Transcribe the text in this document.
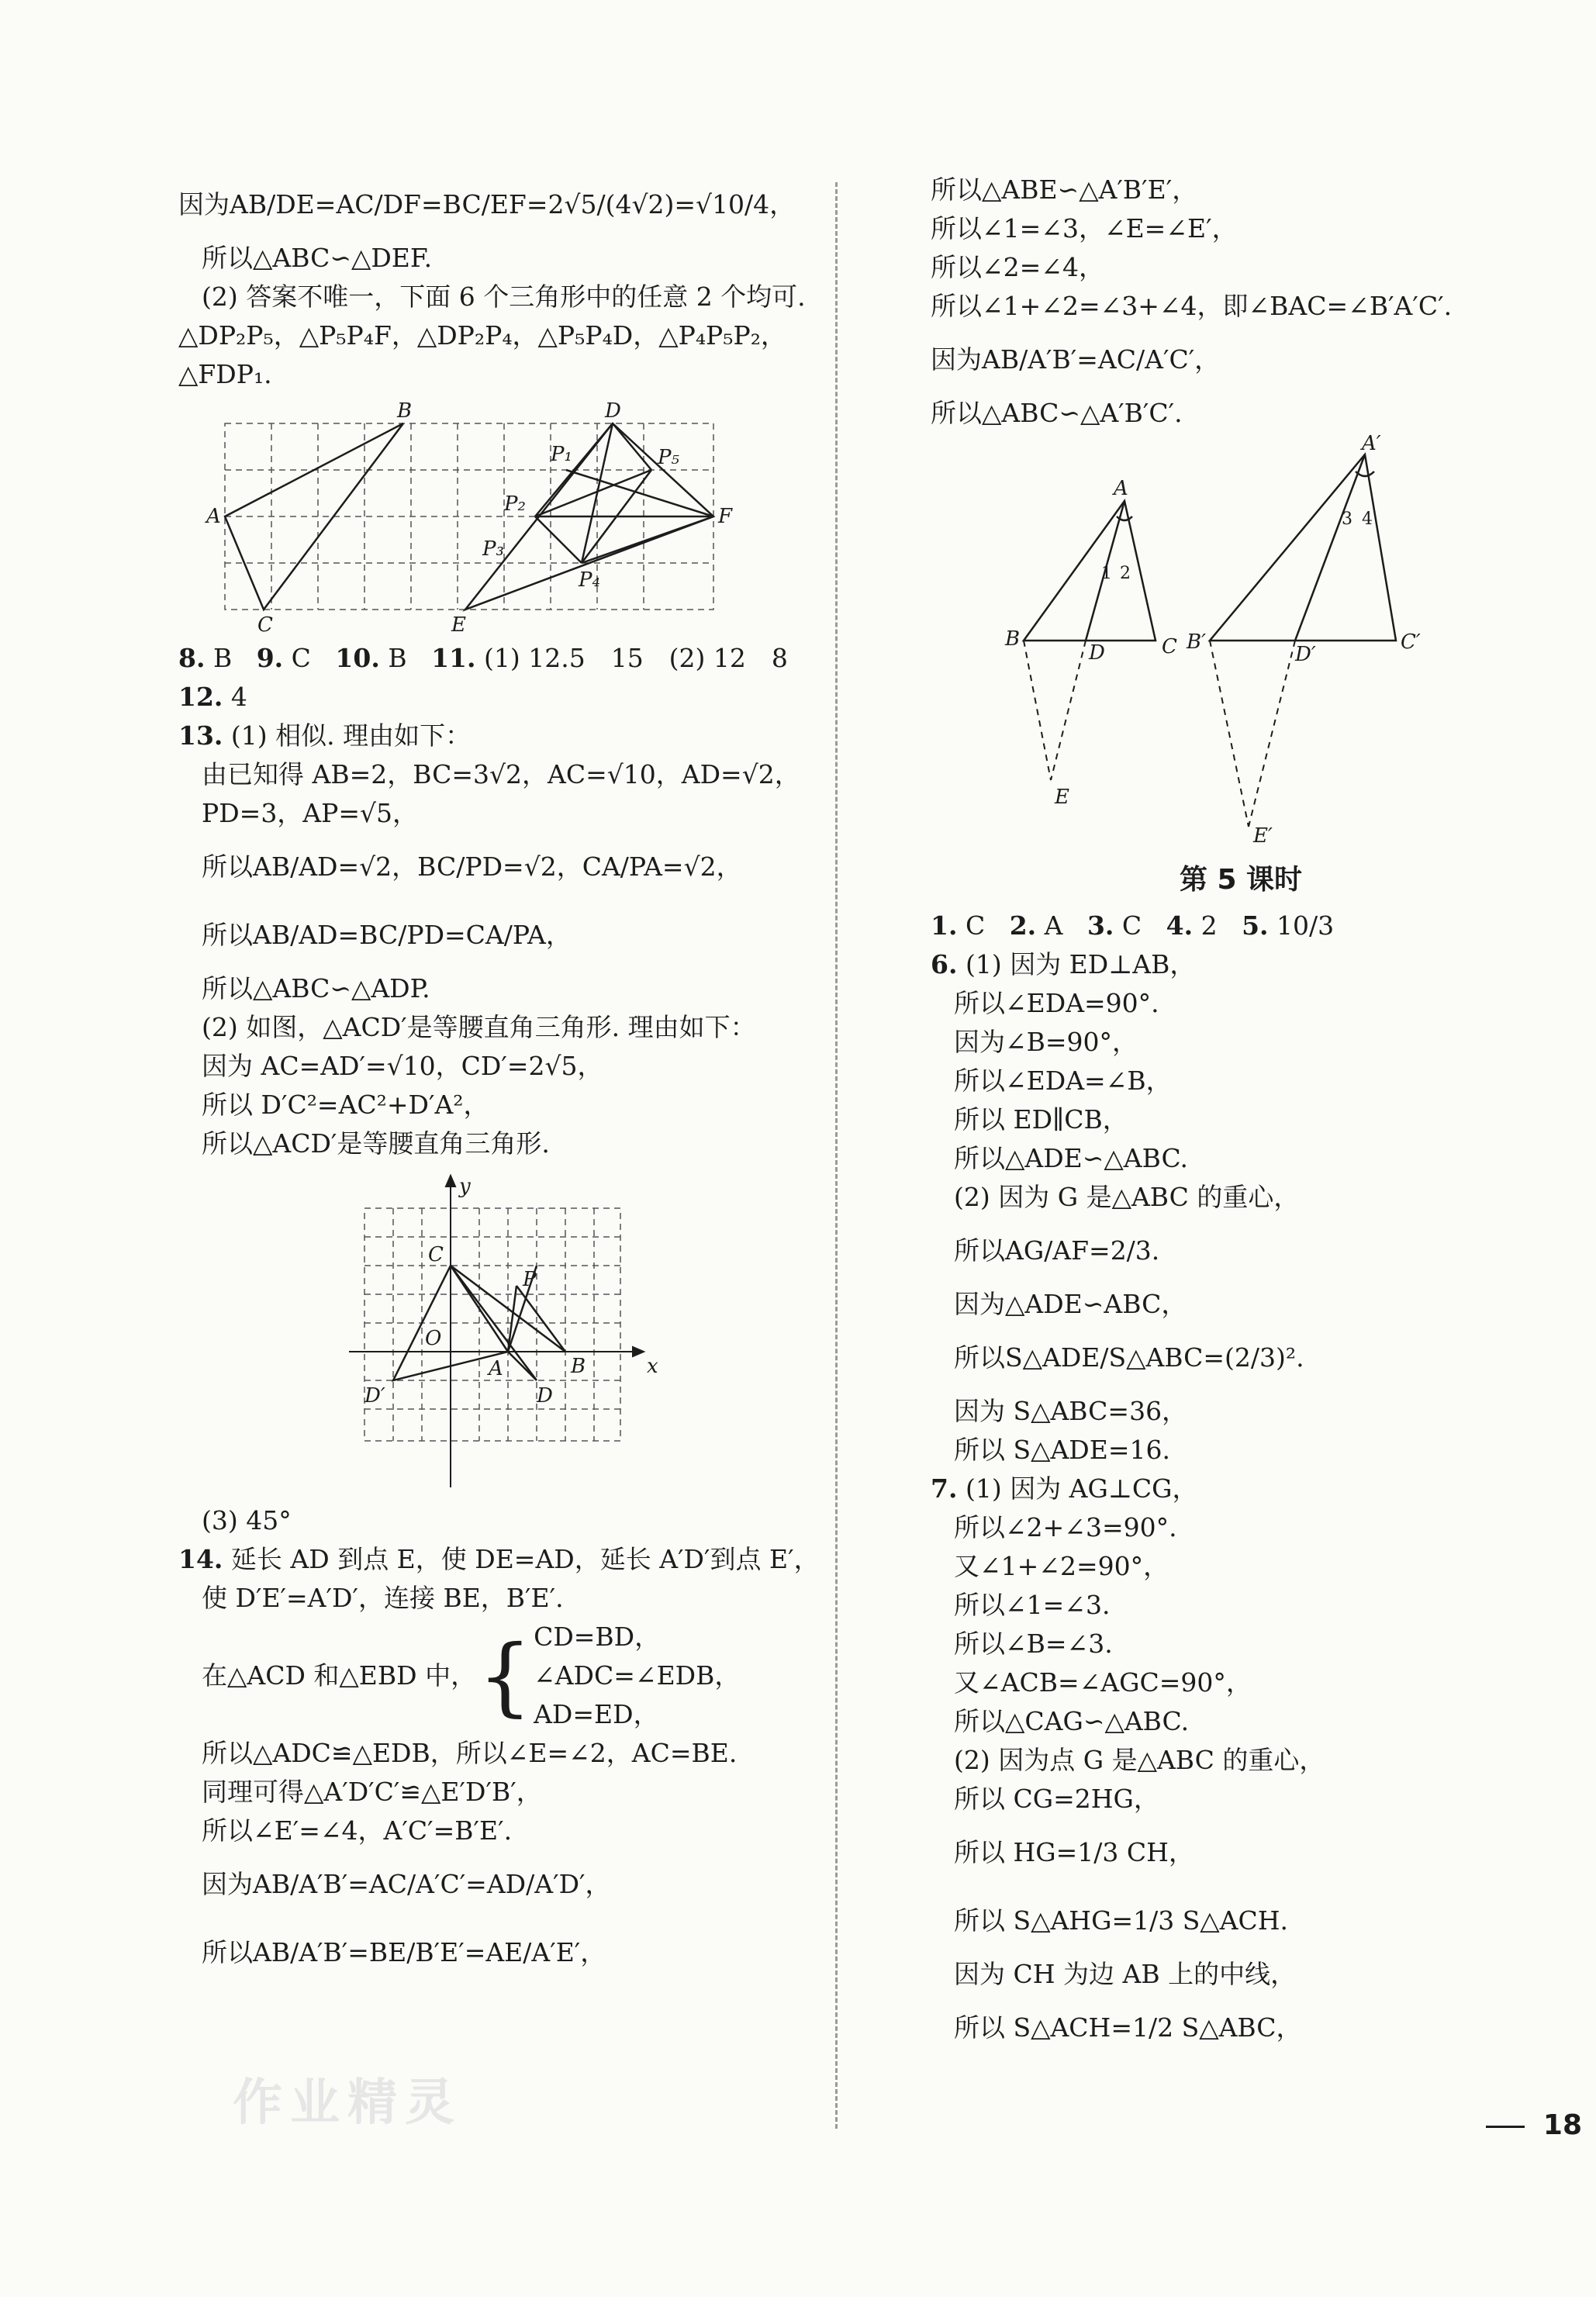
因为AB/DE=AC/DF=BC/EF=2√5/(4√2)=√10/4，

所以△ABC∽△DEF.

(2) 答案不唯一，下面 6 个三角形中的任意 2 个均可.

△DP₂P₅，△P₅P₄F，△DP₂P₄，△P₅P₄D，△P₄P₅P₂，

△FDP₁.

A
B
C
D
E
F
P₁
P₂
P₃
P₄
P₅

8. B 9. C 10. B 11. (1) 12.5　15　(2) 12　8

12. 4

13. (1) 相似. 理由如下：

由已知得 AB=2，BC=3√2，AC=√10，AD=√2，

PD=3，AP=√5，

所以AB/AD=√2，BC/PD=√2，CA/PA=√2，

所以AB/AD=BC/PD=CA/PA，

所以△ABC∽△ADP.

(2) 如图，△ACD′是等腰直角三角形. 理由如下：

因为 AC=AD′=√10，CD′=2√5，

所以 D′C²=AC²+D′A²，

所以△ACD′是等腰直角三角形.

y
x
C
O
A	B
P
D
D′

(3) 45°

14. 延长 AD 到点 E，使 DE=AD，延长 A′D′到点 E′，

使 D′E′=A′D′，连接 BE，B′E′.

在△ACD 和△EBD 中， { CD=BD，

∠ADC=∠EDB，

AD=ED，

所以△ADC≌△EDB，所以∠E=∠2，AC=BE.

同理可得△A′D′C′≌△E′D′B′，

所以∠E′=∠4，A′C′=B′E′.

因为AB/A′B′=AC/A′C′=AD/A′D′，

所以AB/A′B′=BE/B′E′=AE/A′E′，

所以△ABE∽△A′B′E′，

所以∠1=∠3，∠E=∠E′，

所以∠2=∠4，

所以∠1+∠2=∠3+∠4，即∠BAC=∠B′A′C′.

因为AB/A′B′=AC/A′C′，

所以△ABC∽△A′B′C′.

A
B	C
D
E
1 2
A′
B′	C′
D′
E′
3 4
第 5 课时

1. C 2. A 3. C 4. 2 5. 10/3

6. (1) 因为 ED⊥AB，

所以∠EDA=90°.

因为∠B=90°，

所以∠EDA=∠B，

所以 ED∥CB，

所以△ADE∽△ABC.

(2) 因为 G 是△ABC 的重心，

所以AG/AF=2/3.

因为△ADE∽ABC，

所以S△ADE/S△ABC=(2/3)².

因为 S△ABC=36，

所以 S△ADE=16.

7. (1) 因为 AG⊥CG，

所以∠2+∠3=90°.

又∠1+∠2=90°，

所以∠1=∠3.

所以∠B=∠3.

又∠ACB=∠AGC=90°，

所以△CAG∽△ABC.

(2) 因为点 G 是△ABC 的重心，

所以 CG=2HG，

所以 HG=1/3 CH，

所以 S△AHG=1/3 S△ACH.

因为 CH 为边 AB 上的中线，

所以 S△ACH=1/2 S△ABC，

作业精灵	18
